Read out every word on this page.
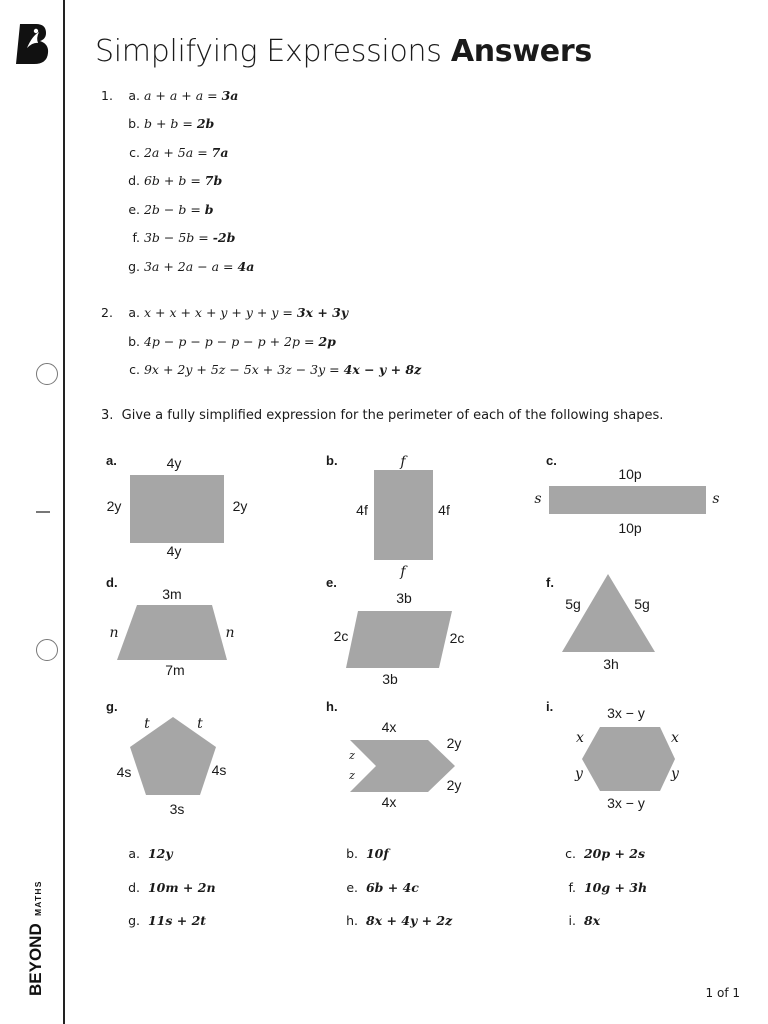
BEYOND
MATHS
Simplifying Expressions Answers
1.	a. a + a + a = 3a
b. b + b = 2b
c. 2a + 5a = 7a
d. 6b + b = 7b
e. 2b − b = b
f. 3b − 5b = -2b
g. 3a + 2a − a = 4a
2.	a. x + x + x + y + y + y = 3x + 3y
b. 4p − p − p − p − p + 2p = 2p
c. 9x + 2y + 5z − 5x + 3z − 3y = 4x − y + 8z
3. Give a fully simplified expression for the perimeter of each of the following shapes.
a.	4y
4y
2y	2y
b.	f
f
4f	4f
c.
10p
10p
s	s
d.
3m
7m
n	n
e.
3b
3b
2c	2c
f.
5g	5g
3h
g.
t	t
4s	4s
3s
h.
4x
4x
2y
2y
z
z
i.	3x − y
3x − y
x	x
y	y
a. 12y	b. 10f	c. 20p + 2s
d. 10m + 2n	e. 6b + 4c	f. 10g + 3h
g. 11s + 2t	h. 8x + 4y + 2z	i. 8x
1 of 1
